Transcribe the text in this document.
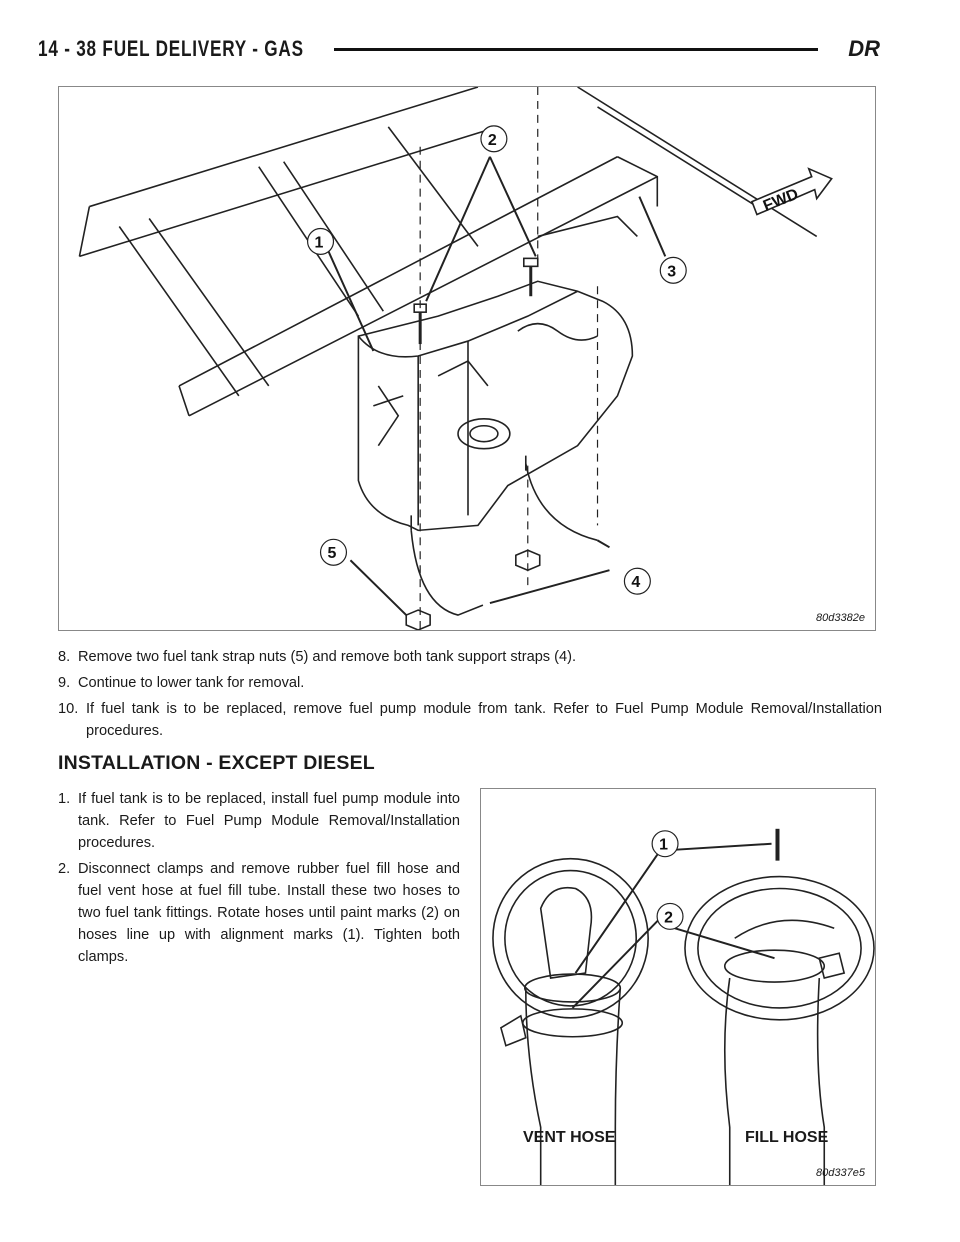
14 - 38 FUEL DELIVERY - GAS	DR
FWD
1
2
3
4
5
80d3382e
8. Remove two fuel tank strap nuts (5) and remove both tank support straps (4).
9. Continue to lower tank for removal.
10. If fuel tank is to be replaced, remove fuel pump module from tank. Refer to Fuel Pump Module Removal/Installation procedures.
INSTALLATION - EXCEPT DIESEL
1. If fuel tank is to be replaced, install fuel pump module into tank. Refer to Fuel Pump Module Removal/Installation procedures.
2. Disconnect clamps and remove rubber fuel fill hose and fuel vent hose at fuel fill tube. Install these two hoses to two fuel tank fittings. Rotate hoses until paint marks (2) on hoses line up with alignment marks (1). Tighten both clamps.
1
2
VENT HOSE	FILL HOSE
80d337e5
